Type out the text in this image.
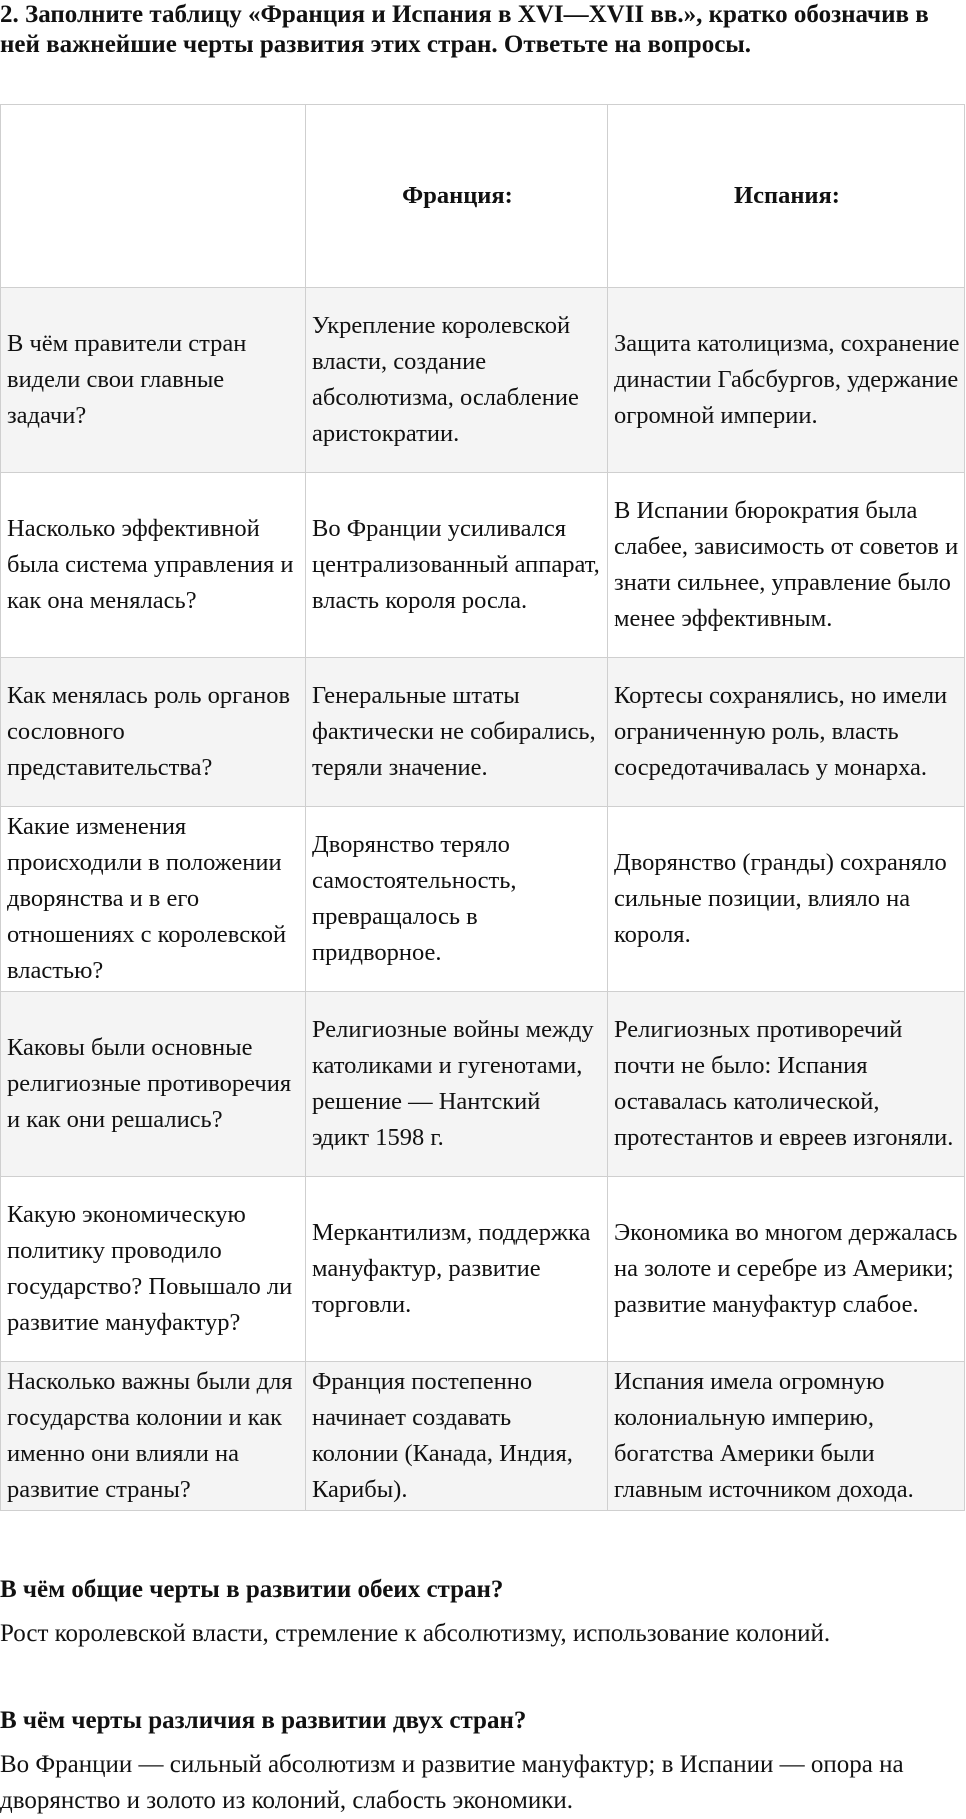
2. Заполните таблицу «Франция и Испания в XVI—XVII вв.», кратко обозначив в ней важнейшие черты развития этих стран. Ответьте на вопросы.
	Франция:	Испания:
В чём правители стран видели свои главные задачи?	Укрепление королевской власти, создание абсолютизма, ослабление аристократии.	Защита католицизма, сохранение династии Габсбургов, удержание огромной империи.
Насколько эффективной была система управления и как она менялась?	Во Франции усиливался централизованный аппарат, власть короля росла.	В Испании бюрократия была слабее, зависимость от советов и знати сильнее, управление было менее эффективным.
Как менялась роль органов сословного представительства?	Генеральные штаты фактически не собирались, теряли значение.	Кортесы сохранялись, но имели ограниченную роль, власть сосредотачивалась у монарха.
Какие изменения происходили в положении дворянства и в его отношениях с королевской властью?	Дворянство теряло самостоятельность, превращалось в придворное.	Дворянство (гранды) сохраняло сильные позиции, влияло на короля.
Каковы были основные религиозные противоречия и как они решались?	Религиозные войны между католиками и гугенотами, решение — Нантский эдикт 1598 г.	Религиозных противоречий почти не было: Испания оставалась католической, протестантов и евреев изгоняли.
Какую экономическую политику проводило государство? Повышало ли развитие мануфактур?	Меркантилизм, поддержка мануфактур, развитие торговли.	Экономика во многом держалась на золоте и серебре из Америки; развитие мануфактур слабое.
Насколько важны были для государства колонии и как именно они влияли на развитие страны?	Франция постепенно начинает создавать колонии (Канада, Индия, Карибы).	Испания имела огромную колониальную империю, богатства Америки были главным источником дохода.

В чём общие черты в развитии обеих стран?

Рост королевской власти, стремление к абсолютизму, использование колоний.

В чём черты различия в развитии двух стран?

Во Франции — сильный абсолютизм и развитие мануфактур; в Испании — опора на дворянство и золото из колоний, слабость экономики.
